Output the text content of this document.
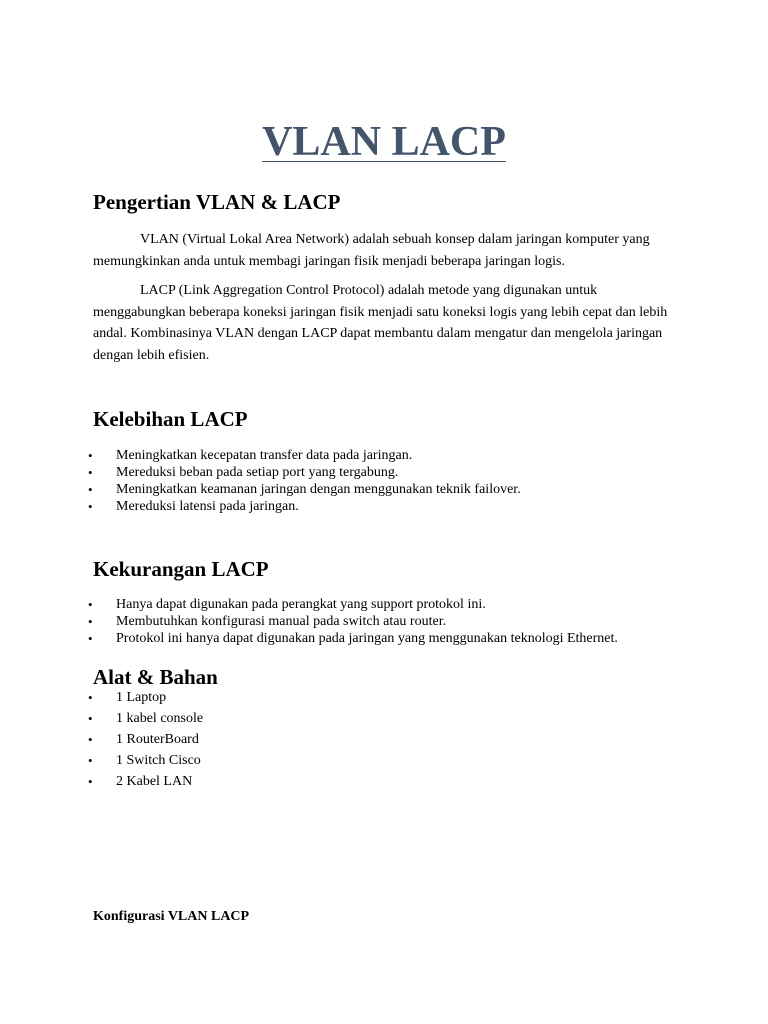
VLAN LACP
Pengertian VLAN & LACP

VLAN (Virtual Lokal Area Network) adalah sebuah konsep dalam jaringan komputer yang memungkinkan anda untuk membagi jaringan fisik menjadi beberapa jaringan logis.

LACP (Link Aggregation Control Protocol) adalah metode yang digunakan untuk menggabungkan beberapa koneksi jaringan fisik menjadi satu koneksi logis yang lebih cepat dan lebih andal. Kombinasinya VLAN dengan LACP dapat membantu dalam mengatur dan mengelola jaringan dengan lebih efisien.

Kelebihan LACP
• Meningkatkan kecepatan transfer data pada jaringan.
• Mereduksi beban pada setiap port yang tergabung.
• Meningkatkan keamanan jaringan dengan menggunakan teknik failover.
• Mereduksi latensi pada jaringan.
Kekurangan LACP
• Hanya dapat digunakan pada perangkat yang support protokol ini.
• Membutuhkan konfigurasi manual pada switch atau router.
• Protokol ini hanya dapat digunakan pada jaringan yang menggunakan teknologi Ethernet.
Alat & Bahan
• 1 Laptop
• 1 kabel console
• 1 RouterBoard
• 1 Switch Cisco
• 2 Kabel LAN
Konfigurasi VLAN LACP
